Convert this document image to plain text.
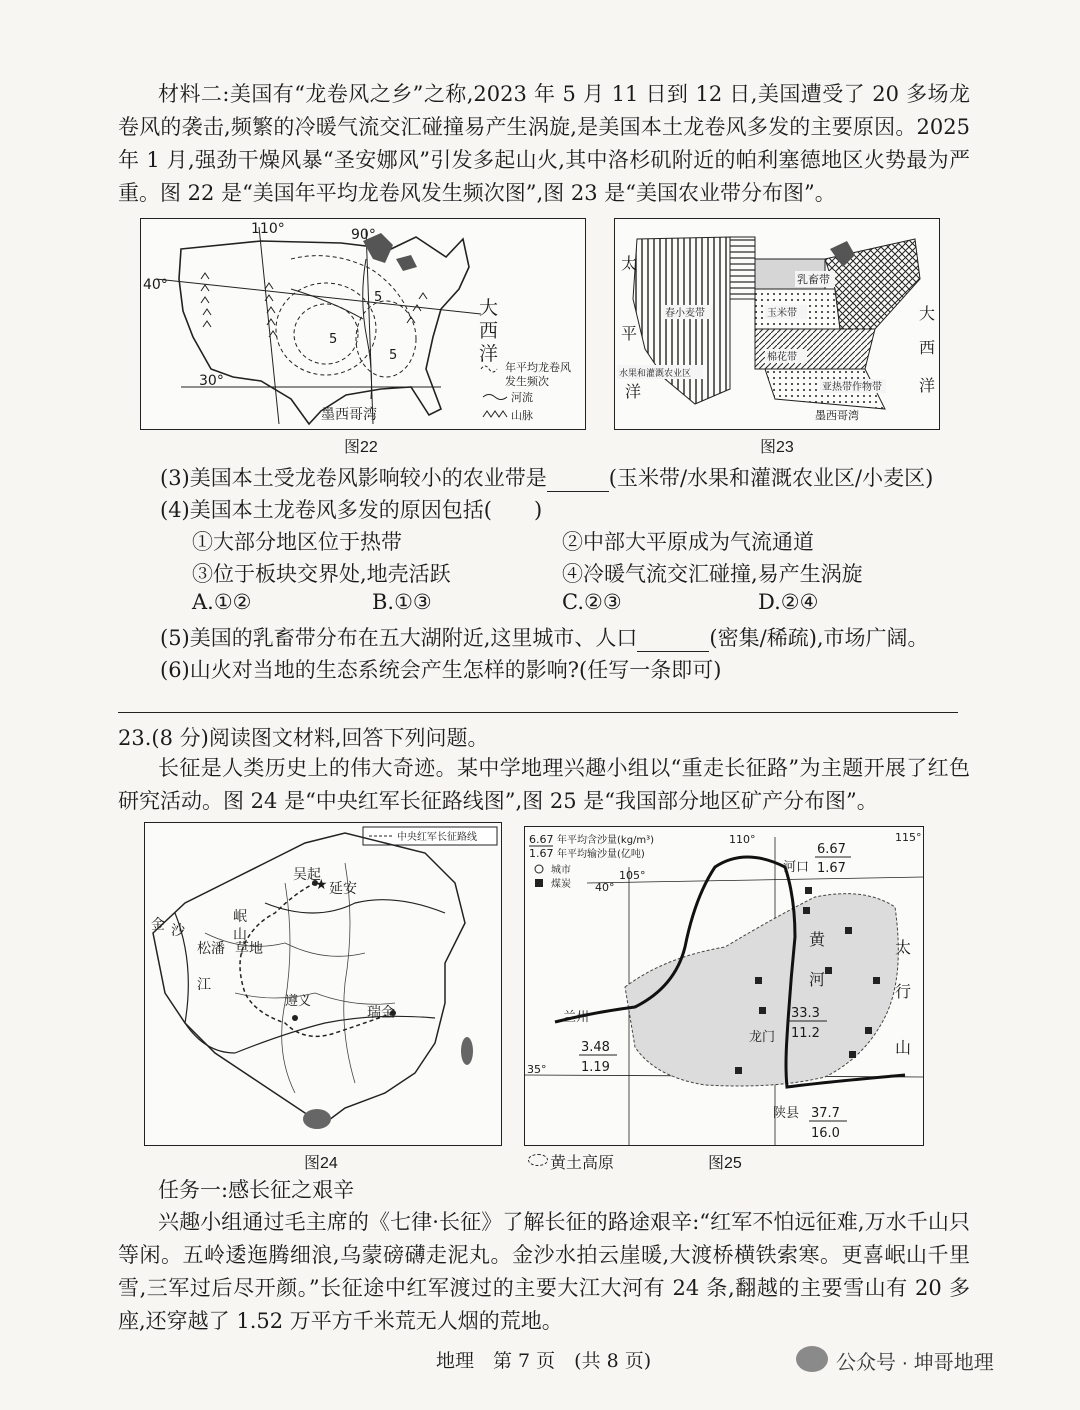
材料二:美国有“龙卷风之乡”之称,2023 年 5 月 11 日到 12 日,美国遭受了 20 多场龙卷风的袭击,频繁的冷暖气流交汇碰撞易产生涡旋,是美国本土龙卷风多发的主要原因。2025 年 1 月,强劲干燥风暴“圣安娜风”引发多起山火,其中洛杉矶附近的帕利塞德地区火势最为严重。图 22 是“美国年平均龙卷风发生频次图”,图 23 是“美国农业带分布图”。
5
5
5
40°
30°
110°	90°
大
西
洋
墨西哥湾
年平均龙卷风
发生频次
河流
山脉
图22
乳畜带
春小麦带	玉米带
水果和灌溉农业区
棉花带
亚热带作物带
太
平
洋
大
西
洋
墨西哥湾
图23
(3)美国本土受龙卷风影响较小的农业带是	(玉米带/水果和灌溉农业区/小麦区)
(4)美国本土龙卷风多发的原因包括(　　)
①大部分地区位于热带	②中部大平原成为气流通道
③位于板块交界处,地壳活跃	④冷暖气流交汇碰撞,易产生涡旋
A.①②	B.①③	C.②③	D.②④
(5)美国的乳畜带分布在五大湖附近,这里城市、人口	(密集/稀疏),市场广阔。
(6)山火对当地的生态系统会产生怎样的影响?(任写一条即可)
23.(8 分)阅读图文材料,回答下列问题。
长征是人类历史上的伟大奇迹。某中学地理兴趣小组以“重走长征路”为主题开展了红色研究活动。图 24 是“中央红军长征路线图”,图 25 是“我国部分地区矿产分布图”。
中央红军长征路线
★
吴起
延安
岷
山
松潘 草地
金 沙
江
遵义
瑞金
图24
6.67
1.67
年平均含沙量(kg/m³)
年平均输沙量(亿吨)
城市
煤炭
110°
105°
115°
40°
35°
6.67
1.67
河口
兰州
3.48
1.19
龙门
33.3
11.2
陕县 37.7
16.0
黄
河
太
行
山
黄土高原	图25
任务一:感长征之艰辛
兴趣小组通过毛主席的《七律·长征》了解长征的路途艰辛:“红军不怕远征难,万水千山只等闲。五岭逶迤腾细浪,乌蒙磅礴走泥丸。金沙水拍云崖暖,大渡桥横铁索寒。更喜岷山千里雪,三军过后尽开颜。”长征途中红军渡过的主要大江大河有 24 条,翻越的主要雪山有 20 多座,还穿越了 1.52 万平方千米荒无人烟的荒地。
地理　第 7 页　(共 8 页)	公众号 · 坤哥地理
